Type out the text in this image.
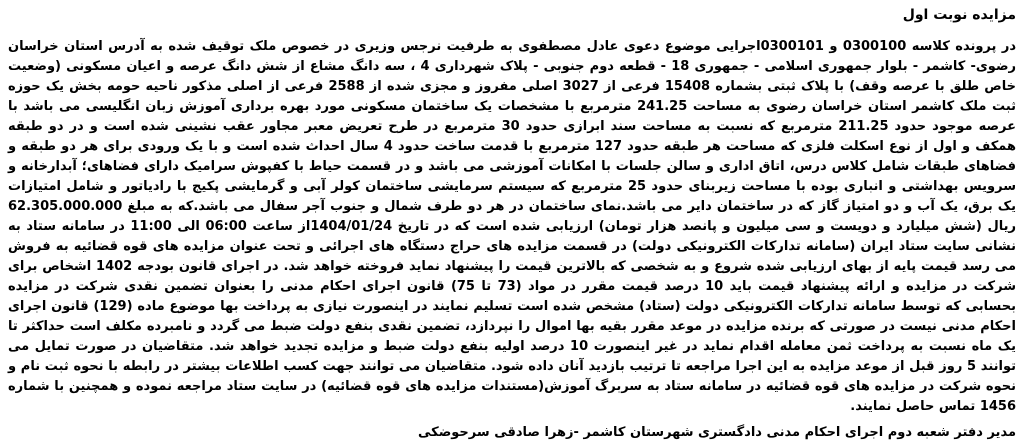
مزایده نوبت اول

در پرونده کلاسه 0300100 و 0300101اجرایی موضوع دعوی عادل مصطفوی به طرفیت نرجس وزیری در خصوص ملک توقیف شده به آدرس استان خراسان رضوی- کاشمر - بلوار جمهوری اسلامی - جمهوری 18 - قطعه دوم جنوبی - پلاک شهرداری 4 ، سه دانگ مشاع از شش دانگ عرصه و اعیان مسکونی (وضعیت خاص طلق با عرصه وقف) با پلاک ثبتی بشماره 15408 فرعی از 3027 اصلی مفروز و مجزی شده از 2588 فرعی از اصلی مذکور ناحیه حومه بخش یک حوزه ثبت ملک کاشمر استان خراسان رضوی به مساحت 241.25 مترمربع با مشخصات یک ساختمان مسکونی مورد بهره برداری آموزش زبان انگلیسی می باشد با عرصه موجود حدود 211.25 مترمربع که نسبت به مساحت سند ابرازی حدود 30 مترمربع در طرح تعریض معبر مجاور عقب نشینی شده است و در دو طبقه همکف و اول از نوع اسکلت فلزی که مساحت هر طبقه حدود 127 مترمربع با قدمت ساخت حدود 4 سال احداث شده است و با یک ورودی برای هر دو طبقه و فضاهای طبقات شامل کلاس درس، اتاق اداری و سالن جلسات با امکانات آموزشی می باشد و در قسمت حیاط با کفپوش سرامیک دارای فضاهای؛ آبدارخانه و سرویس بهداشتی و انباری بوده با مساحت زیربنای حدود 25 مترمربع که سیستم سرمایشی ساختمان کولر آبی و گرمایشی پکیج با رادیاتور و شامل امتیازات یک برق، یک آب و دو امتیاز گاز که در ساختمان دایر می باشد.نمای ساختمان در هر دو طرف شمال و جنوب آجر سفال می باشد.که به مبلغ 62.305.000.000 ریال (شش میلیارد و دویست و سی میلیون و پانصد هزار تومان) ارزیابی شده است که در تاریخ 1404/01/24از ساعت 06:00 الی 11:00 در سامانه ستاد به نشانی سایت ستاد ایران (سامانه تدارکات الکترونیکی دولت) در قسمت مزایده های حراج دستگاه های اجرائی و تحت عنوان مزایده های قوه قضائیه به فروش می رسد قیمت پایه از بهای ارزیابی شده شروع و به شخصی که بالاترین قیمت را پیشنهاد نماید فروخته خواهد شد. در اجرای قانون بودجه 1402 اشخاص برای شرکت در مزایده و ارائه پیشنهاد قیمت باید 10 درصد قیمت مقرر در مواد (73 تا 75) قانون اجرای احکام مدنی را بعنوان تضمین نقدی شرکت در مزایده بحسابی که توسط سامانه تدارکات الکترونیکی دولت (ستاد) مشخص شده است تسلیم نمایند در اینصورت نیازی به پرداخت بها موضوع ماده (129) قانون اجرای احکام مدنی نیست در صورتی که برنده مزایده در موعد مقرر بقیه بها اموال را نپردازد، تضمین نقدی بنفع دولت ضبط می گردد و نامبرده مکلف است حداکثر تا یک ماه نسبت به پرداخت ثمن معامله اقدام نماید در غیر اینصورت 10 درصد اولیه بنفع دولت ضبط و مزایده تجدید خواهد شد. متقاضیان در صورت تمایل می توانند 5 روز قبل از موعد مزایده به این اجرا مراجعه تا ترتیب بازدید آنان داده شود. متقاضیان می توانند جهت کسب اطلاعات بیشتر در رابطه با نحوه ثبت نام و نحوه شرکت در مزایده های قوه قضائیه در سامانه ستاد به سربرگ آموزش(مستندات مزایده های قوه قضائیه) در سایت ستاد مراجعه نموده و همچنین با شماره 1456 تماس حاصل نمایند.

مدیر دفتر شعبه دوم اجرای احکام مدنی دادگستری شهرستان کاشمر -زهرا صادقی سرحوضکی
